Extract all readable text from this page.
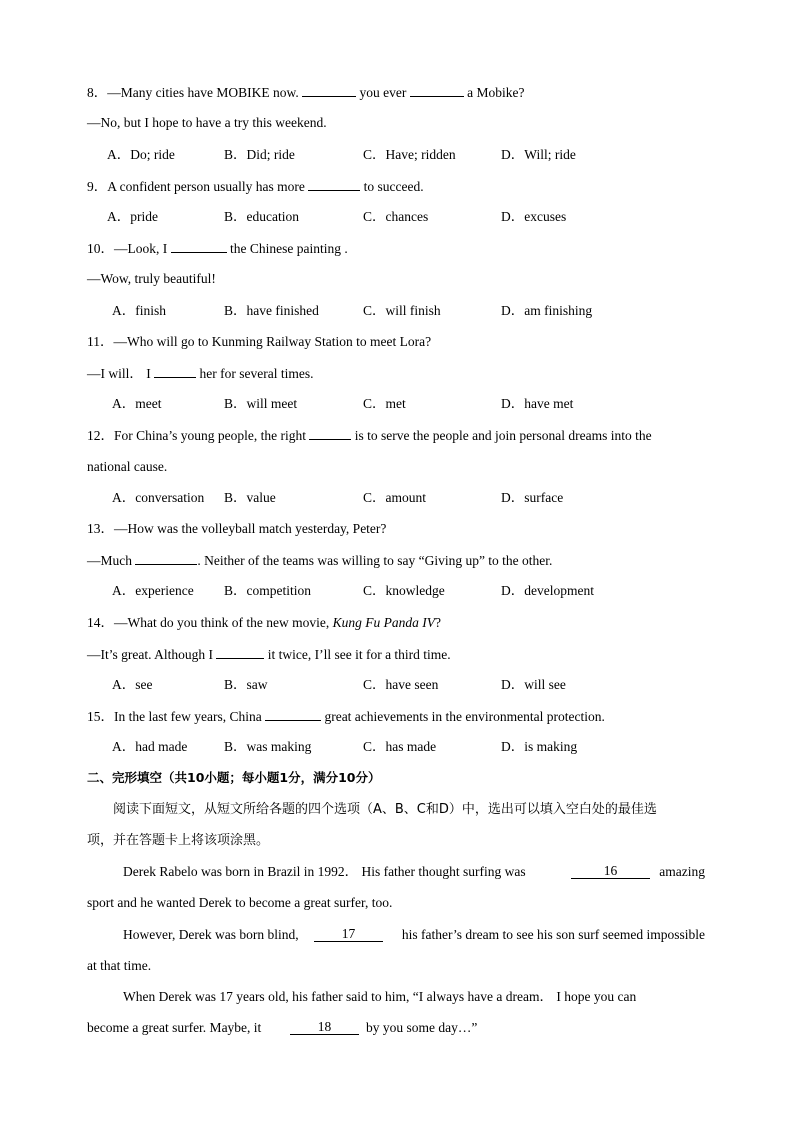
8．—Many cities have MOBIKE now.	you ever	a Mobike?
—No, but I hope to have a try this weekend.
A．Do; ride	B．Did; ride	C．Have; ridden	D．Will; ride
9．A confident person usually has more	to succeed.
A．pride	B．education	C．chances	D．excuses
10．—Look, I	the Chinese painting .
—Wow, truly beautiful!
A．finish	B．have finished	C．will finish	D．am finishing
11．—Who will go to Kunming Railway Station to meet Lora?
—I will． I	her for several times.
A．meet	B．will meet	C．met	D．have met
12．For China’s young people, the right	is to serve the people and join personal dreams into the
national cause.
A．conversation B．value	C．amount	D．surface
13．—How was the volleyball match yesterday, Peter?
—Much	. Neither of the teams was willing to say “Giving up” to the other.
A．experience B．competition	C．knowledge	D．development
14．—What do you think of the new movie, Kung Fu Panda IV?
—It’s great. Although I	it twice, I’ll see it for a third time.
A．see	B．saw	C．have seen	D．will see
15．In the last few years, China	great achievements in the environmental protection.
A．had made	B．was making	C．has made	D．is making
二、完形填空（共10小题；每小题1分，满分10分）
阅读下面短文，从短文所给各题的四个选项（A、B、C和D）中，选出可以填入空白处的最佳选
项，并在答题卡上将该项涂黑。
Derek Rabelo was born in Brazil in 1992． His father thought surfing was	16	amazing
sport and he wanted Derek to become a great surfer, too.
However, Derek was born blind,	17	his father’s dream to see his son surf seemed impossible
at that time.
When Derek was 17 years old, his father said to him, “I always have a dream． I hope you can
become a great surfer. Maybe, it	18	by you some day…”
